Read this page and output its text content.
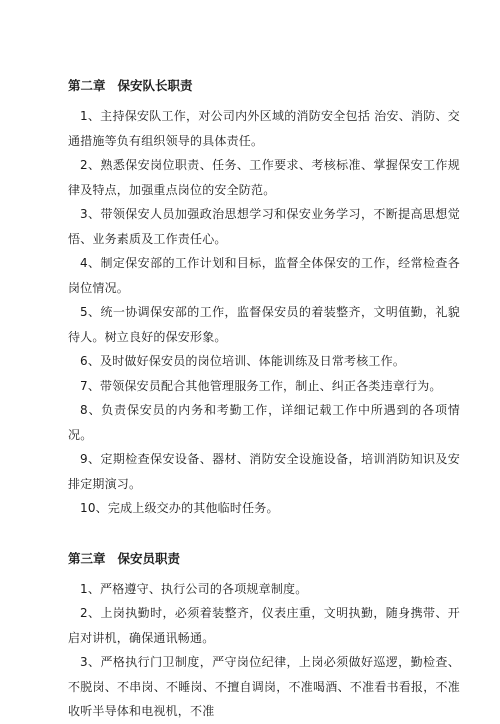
第二章 保安队长职责

1、主持保安队工作，对公司内外区域的消防安全包括 治安、消防、交通措施等负有组织领导的具体责任。

2、熟悉保安岗位职责、任务、工作要求、考核标准、掌握保安工作规律及特点，加强重点岗位的安全防范。

3、带领保安人员加强政治思想学习和保安业务学习，不断提高思想觉悟、业务素质及工作责任心。

4、制定保安部的工作计划和目标，监督全体保安的工作，经常检查各岗位情况。

5、统一协调保安部的工作，监督保安员的着装整齐，文明值勤，礼貌待人。树立良好的保安形象。

6、及时做好保安员的岗位培训、体能训练及日常考核工作。

7、带领保安员配合其他管理服务工作，制止、纠正各类违章行为。

8、负责保安员的内务和考勤工作，详细记载工作中所遇到的各项情况。

9、定期检查保安设备、器材、消防安全设施设备，培训消防知识及安排定期演习。

10、完成上级交办的其他临时任务。

第三章 保安员职责

1、严格遵守、执行公司的各项规章制度。

2、上岗执勤时，必须着装整齐，仪表庄重，文明执勤，随身携带、开启对讲机，确保通讯畅通。

3、严格执行门卫制度，严守岗位纪律，上岗必须做好巡逻，勤检查、不脱岗、不串岗、不睡岗、不擅自调岗，不准喝酒、不准看书看报，不准收听半导体和电视机，不准
